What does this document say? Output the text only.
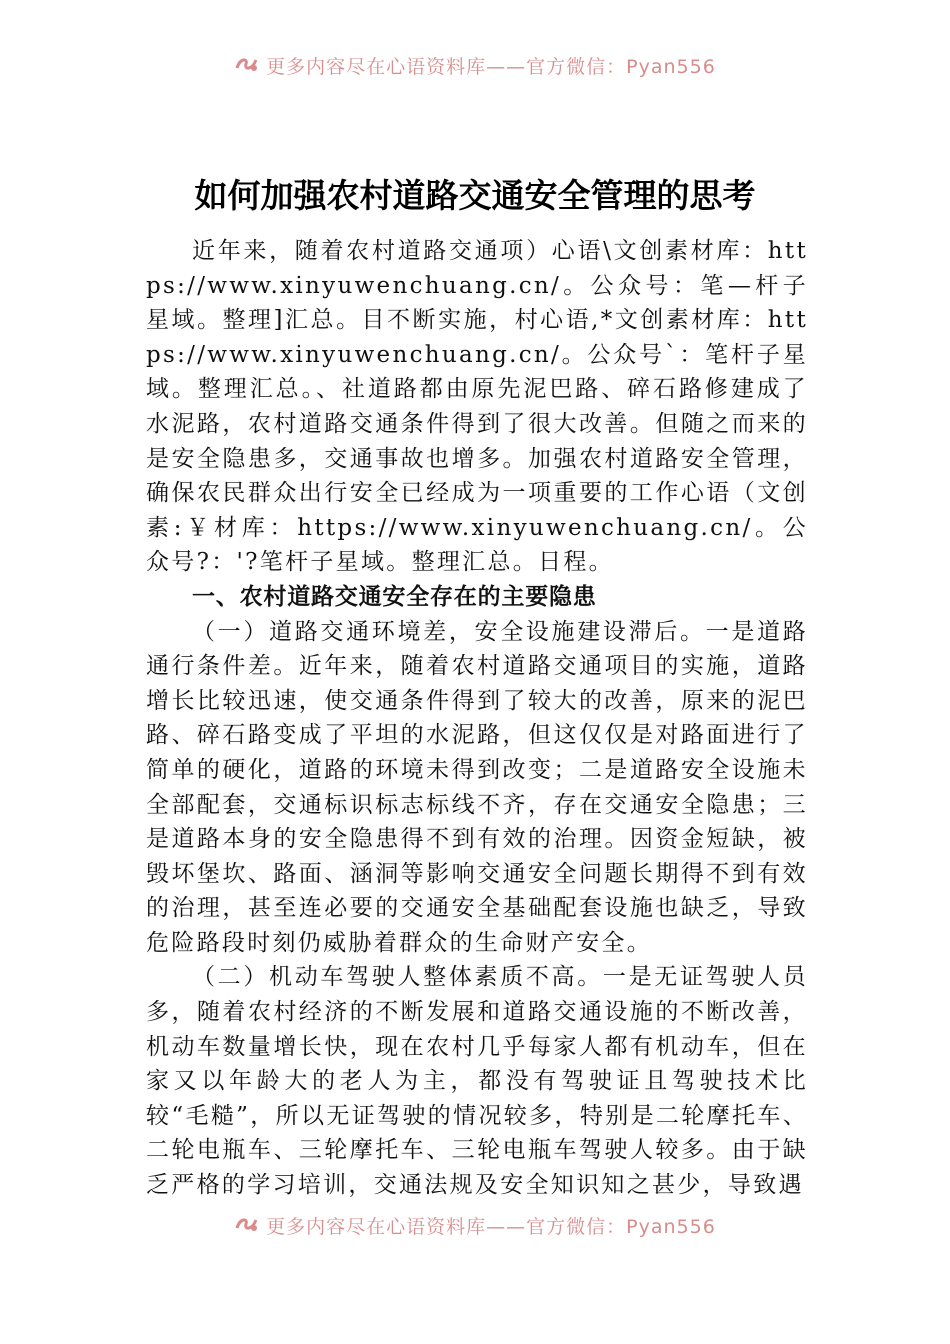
更多内容尽在心语资料库——官方微信：Pyan556
如何加强农村道路交通安全管理的思考

近年来，随着农村道路交通项）心语\文创素材库：https://www.xinyuwenchuang.cn/。公众号：笔—杆子星域。整理]汇总。目不断实施，村心语,*文创素材库：https://www.xinyuwenchuang.cn/。公众号`：笔杆子星域。整理汇总。、社道路都由原先泥巴路、碎石路修建成了水泥路，农村道路交通条件得到了很大改善。但随之而来的是安全隐患多，交通事故也增多。加强农村道路安全管理，确保农民群众出行安全已经成为一项重要的工作心语（文创素:￥材库：https://www.xinyuwenchuang.cn/。公众号?：'?笔杆子星域。整理汇总。日程。

一、农村道路交通安全存在的主要隐患

（一）道路交通环境差，安全设施建设滞后。一是道路通行条件差。近年来，随着农村道路交通项目的实施，道路增长比较迅速，使交通条件得到了较大的改善，原来的泥巴路、碎石路变成了平坦的水泥路，但这仅仅是对路面进行了简单的硬化，道路的环境未得到改变；二是道路安全设施未全部配套，交通标识标志标线不齐，存在交通安全隐患；三是道路本身的安全隐患得不到有效的治理。因资金短缺，被毁坏堡坎、路面、涵洞等影响交通安全问题长期得不到有效的治理，甚至连必要的交通安全基础配套设施也缺乏，导致危险路段时刻仍威胁着群众的生命财产安全。

（二）机动车驾驶人整体素质不高。一是无证驾驶人员多，随着农村经济的不断发展和道路交通设施的不断改善，机动车数量增长快，现在农村几乎每家人都有机动车，但在家又以年龄大的老人为主，都没有驾驶证且驾驶技术比较“毛糙”，所以无证驾驶的情况较多，特别是二轮摩托车、二轮电瓶车、三轮摩托车、三轮电瓶车驾驶人较多。由于缺乏严格的学习培训，交通法规及安全知识知之甚少，导致遇

更多内容尽在心语资料库——官方微信：Pyan556
